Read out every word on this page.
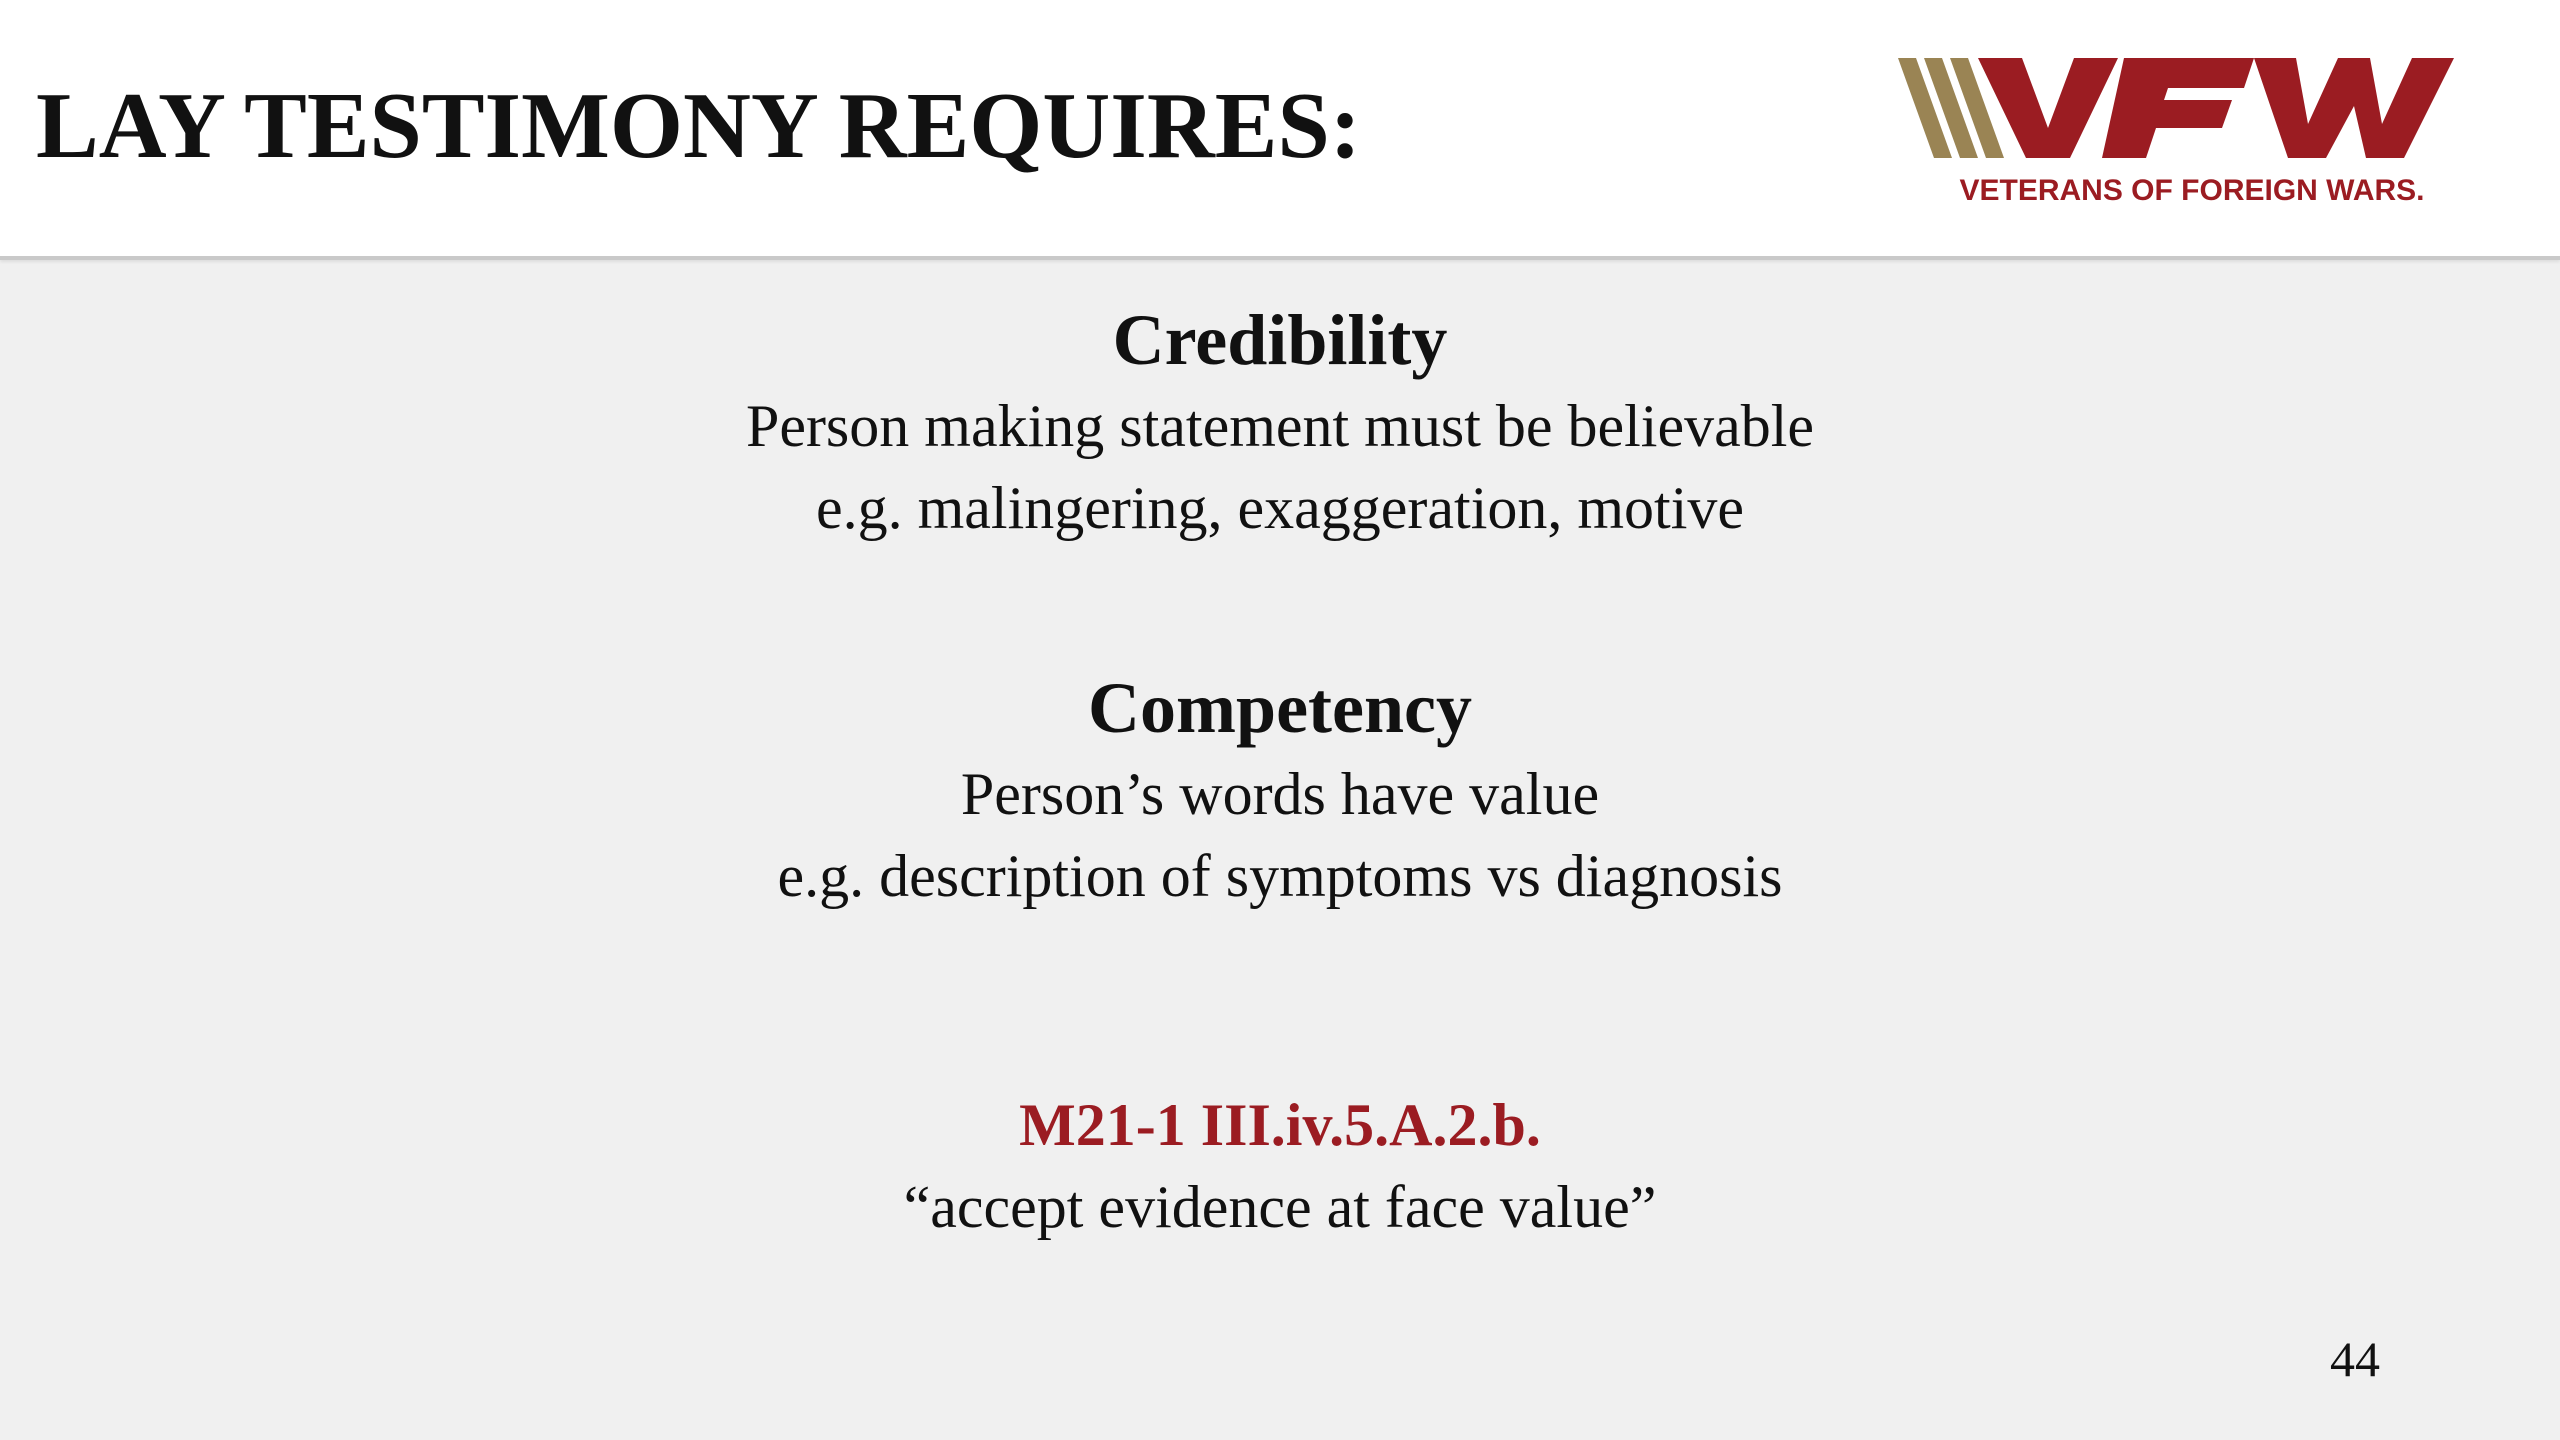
LAY TESTIMONY REQUIRES:
VETERANS OF FOREIGN WARS.
Credibility
Person making statement must be believable
e.g. malingering, exaggeration, motive
Competency
Person’s words have value
e.g. description of symptoms vs diagnosis
M21-1 III.iv.5.A.2.b.
“accept evidence at face value”
44
